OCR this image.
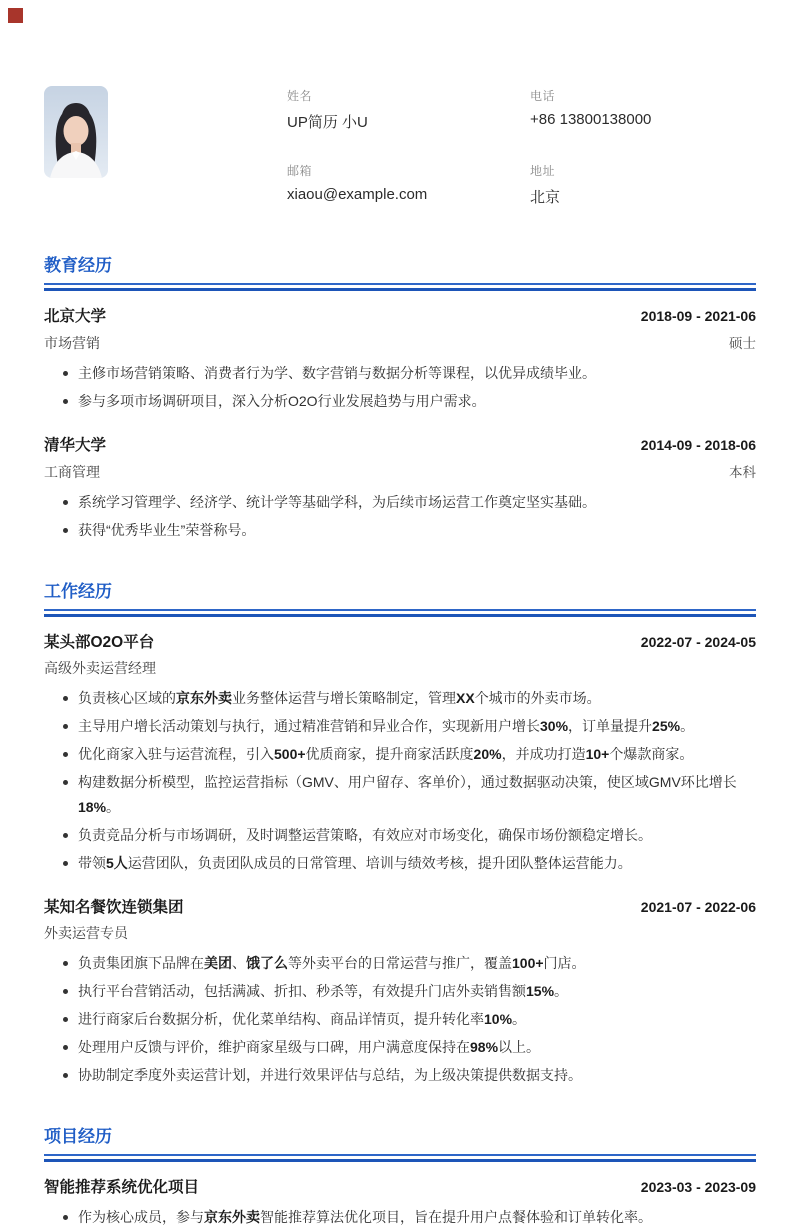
姓名
UP简历 小U
电话
+86 13800138000
邮箱
xiaou@example.com
地址
北京
教育经历
北京大学	2018-09 - 2021-06
市场营销	硕士
主修市场营销策略、消费者行为学、数字营销与数据分析等课程，以优异成绩毕业。
参与多项市场调研项目，深入分析O2O行业发展趋势与用户需求。
清华大学	2014-09 - 2018-06
工商管理	本科
系统学习管理学、经济学、统计学等基础学科，为后续市场运营工作奠定坚实基础。
获得“优秀毕业生”荣誉称号。
工作经历
某头部O2O平台	2022-07 - 2024-05
高级外卖运营经理
负责核心区域的京东外卖业务整体运营与增长策略制定，管理XX个城市的外卖市场。
主导用户增长活动策划与执行，通过精准营销和异业合作，实现新用户增长30%，订单量提升25%。
优化商家入驻与运营流程，引入500+优质商家，提升商家活跃度20%，并成功打造10+个爆款商家。
构建数据分析模型，监控运营指标（GMV、用户留存、客单价），通过数据驱动决策，使区域GMV环比增长18%。
负责竞品分析与市场调研，及时调整运营策略，有效应对市场变化，确保市场份额稳定增长。
带领5人运营团队，负责团队成员的日常管理、培训与绩效考核，提升团队整体运营能力。
某知名餐饮连锁集团	2021-07 - 2022-06
外卖运营专员
负责集团旗下品牌在美团、饿了么等外卖平台的日常运营与推广，覆盖100+门店。
执行平台营销活动，包括满减、折扣、秒杀等，有效提升门店外卖销售额15%。
进行商家后台数据分析，优化菜单结构、商品详情页，提升转化率10%。
处理用户反馈与评价，维护商家星级与口碑，用户满意度保持在98%以上。
协助制定季度外卖运营计划，并进行效果评估与总结，为上级决策提供数据支持。
项目经历
智能推荐系统优化项目	2023-03 - 2023-09
作为核心成员，参与京东外卖智能推荐算法优化项目，旨在提升用户点餐体验和订单转化率。
